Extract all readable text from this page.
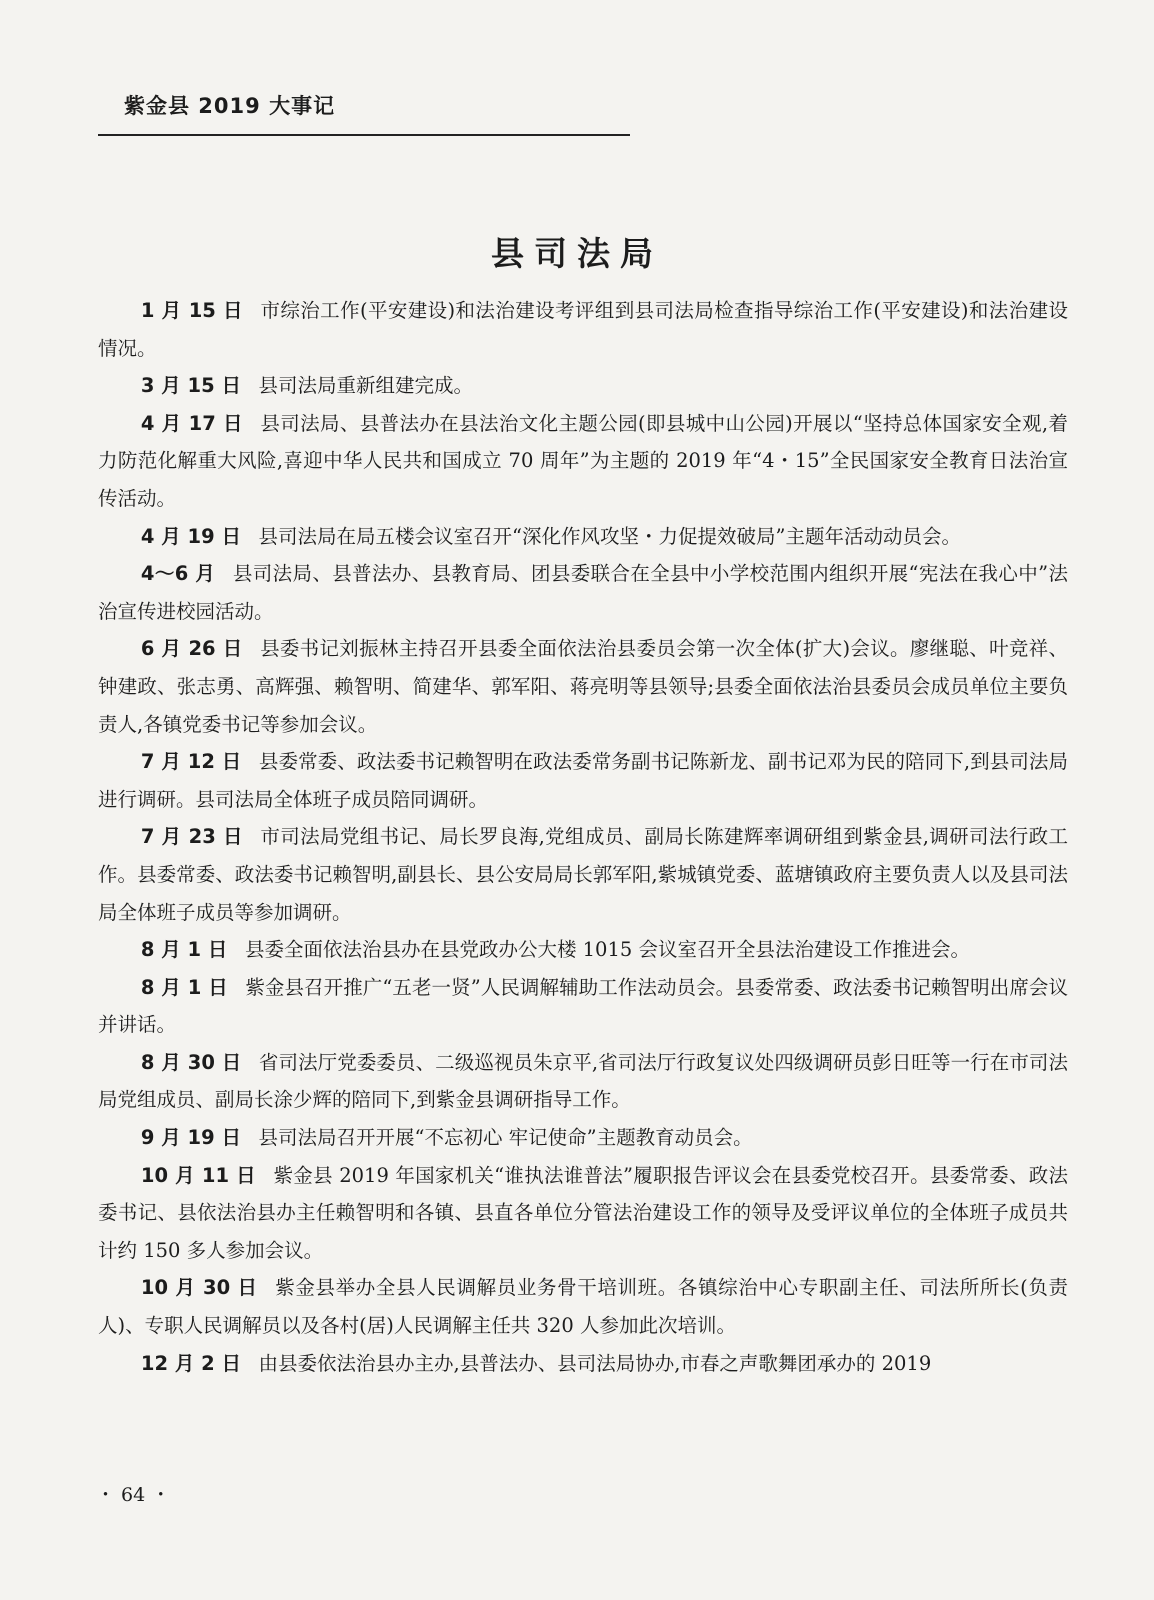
紫金县 2019 大事记
县司法局

1 月 15 日 市综治工作(平安建设)和法治建设考评组到县司法局检查指导综治工作(平安建设)和法治建设情况。

3 月 15 日 县司法局重新组建完成。

4 月 17 日 县司法局、县普法办在县法治文化主题公园(即县城中山公园)开展以“坚持总体国家安全观,着力防范化解重大风险,喜迎中华人民共和国成立 70 周年”为主题的 2019 年“4・15”全民国家安全教育日法治宣传活动。

4 月 19 日 县司法局在局五楼会议室召开“深化作风攻坚・力促提效破局”主题年活动动员会。

4～6 月 县司法局、县普法办、县教育局、团县委联合在全县中小学校范围内组织开展“宪法在我心中”法治宣传进校园活动。

6 月 26 日 县委书记刘振林主持召开县委全面依法治县委员会第一次全体(扩大)会议。廖继聪、叶竞祥、钟建政、张志勇、高辉强、赖智明、简建华、郭军阳、蒋亮明等县领导;县委全面依法治县委员会成员单位主要负责人,各镇党委书记等参加会议。

7 月 12 日 县委常委、政法委书记赖智明在政法委常务副书记陈新龙、副书记邓为民的陪同下,到县司法局进行调研。县司法局全体班子成员陪同调研。

7 月 23 日 市司法局党组书记、局长罗良海,党组成员、副局长陈建辉率调研组到紫金县,调研司法行政工作。县委常委、政法委书记赖智明,副县长、县公安局局长郭军阳,紫城镇党委、蓝塘镇政府主要负责人以及县司法局全体班子成员等参加调研。

8 月 1 日 县委全面依法治县办在县党政办公大楼 1015 会议室召开全县法治建设工作推进会。

8 月 1 日 紫金县召开推广“五老一贤”人民调解辅助工作法动员会。县委常委、政法委书记赖智明出席会议并讲话。

8 月 30 日 省司法厅党委委员、二级巡视员朱京平,省司法厅行政复议处四级调研员彭日旺等一行在市司法局党组成员、副局长涂少辉的陪同下,到紫金县调研指导工作。

9 月 19 日 县司法局召开开展“不忘初心 牢记使命”主题教育动员会。

10 月 11 日 紫金县 2019 年国家机关“谁执法谁普法”履职报告评议会在县委党校召开。县委常委、政法委书记、县依法治县办主任赖智明和各镇、县直各单位分管法治建设工作的领导及受评议单位的全体班子成员共计约 150 多人参加会议。

10 月 30 日 紫金县举办全县人民调解员业务骨干培训班。各镇综治中心专职副主任、司法所所长(负责人)、专职人民调解员以及各村(居)人民调解主任共 320 人参加此次培训。

12 月 2 日 由县委依法治县办主办,县普法办、县司法局协办,市春之声歌舞团承办的 2019

・ 64 ・
